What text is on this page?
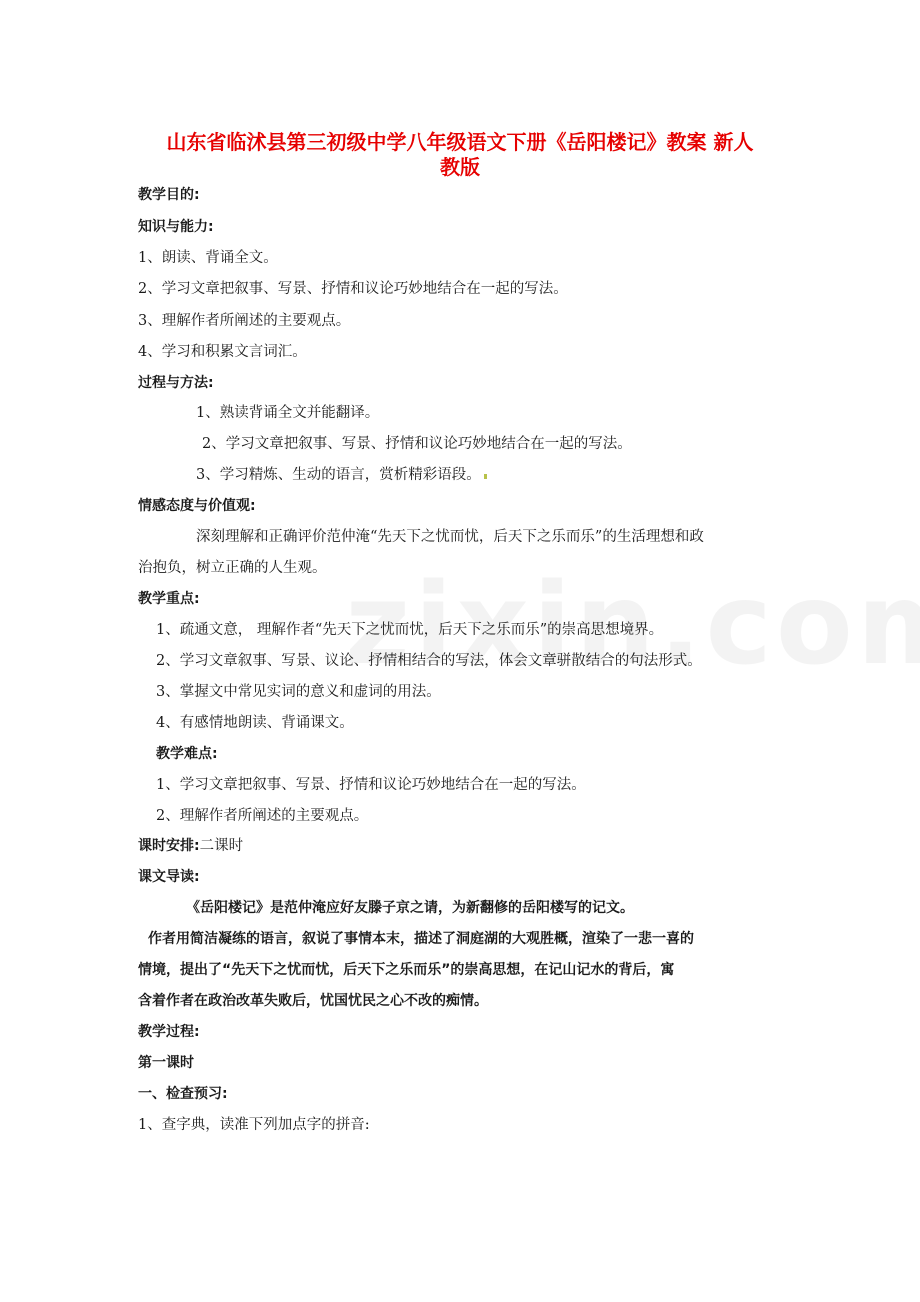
山东省临沭县第三初级中学八年级语文下册《岳阳楼记》教案 新人
教版
教学目的:
知识与能力:
1、朗读、背诵全文。
2、学习文章把叙事、写景、抒情和议论巧妙地结合在一起的写法。
3、理解作者所阐述的主要观点。
4、学习和积累文言词汇。
过程与方法:
1、熟读背诵全文并能翻译。
2、学习文章把叙事、写景、抒情和议论巧妙地结合在一起的写法。
3、学习精炼、生动的语言，赏析精彩语段。
情感态度与价值观:
深刻理解和正确评价范仲淹“先天下之忧而忧，后天下之乐而乐”的生活理想和政
治抱负，树立正确的人生观。
教学重点:
1、疏通文意， 理解作者“先天下之忧而忧，后天下之乐而乐”的崇高思想境界。
2、学习文章叙事、写景、议论、抒情相结合的写法，体会文章骈散结合的句法形式。
3、掌握文中常见实词的意义和虚词的用法。
4、有感情地朗读、背诵课文。
教学难点:
1、学习文章把叙事、写景、抒情和议论巧妙地结合在一起的写法。
2、理解作者所阐述的主要观点。
课时安排:二课时
课文导读:
《岳阳楼记》是范仲淹应好友滕子京之请，为新翻修的岳阳楼写的记文。
作者用简洁凝练的语言，叙说了事情本末，描述了洞庭湖的大观胜概，渲染了一悲一喜的
情境，提出了“先天下之忧而忧，后天下之乐而乐”的崇高思想，在记山记水的背后，寓
含着作者在政治改革失败后，忧国忧民之心不改的痴情。
教学过程:
第一课时
一、检查预习:
1、查字典，读准下列加点字的拼音:
